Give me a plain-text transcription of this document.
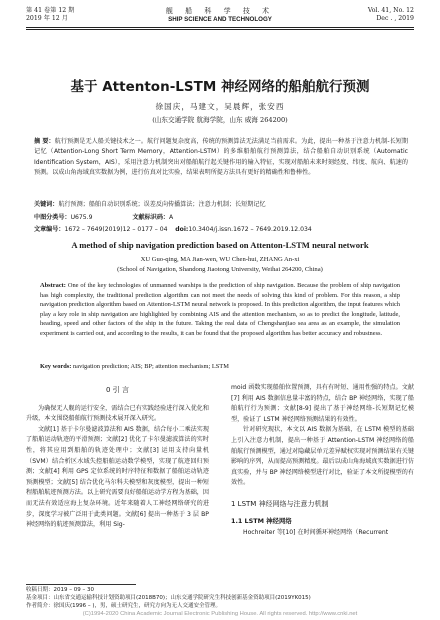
第 41 卷第 12 期
2019 年 12 月
舰 船 科 学 技 术
SHIP SCIENCE AND TECHNOLOGY
Vol. 41, No. 12
Dec . , 2019
基于 Attenton-LSTM 神经网络的船舶航行预测
徐国庆，马建文，吴晨辉，张安西
(山东交通学院 航海学院，山东 威海 264200)
摘 要：航行预测是无人船关键技术之一。航行问题复杂度高，传统的预测算法无法满足当前需求。为此，提出一种基于注意力机制-长短期记忆（Attention-Long Short Term Memory，Attention-LSTM）的多维船舶航行预测算法，结合船舶自动识别系统（Automatic Identification System，AIS），采用注意力机制突出对船舶航行起关键作用的输入特征，实现对船舶未来时刻经度、纬度、航向、航速的预测。以成山角海域真实数据为例，进行仿真对比实验，结果表明所提方法具有更好的精确性和鲁棒性。
关键词：航行预测；船舶自动识别系统；误差反向传播算法；注意力机制；长短期记忆
中图分类号：U675.9	文献标识码：A
文章编号：1672 – 7649(2019)12 – 0177 – 04 doi:10.3404/j.issn.1672 – 7649.2019.12.034
A method of ship navigation prediction based on Attenton-LSTM neural network
XU Guo-qing, MA Jian-wen, WU Chen-hui, ZHANG An-xi
(School of Navigation, Shandong Jiaotong University, Weihai 264200, China)
Abstract: One of the key technologies of unmanned warships is the prediction of ship navigation. Because the problem of ship navigation has high complexity, the traditional prediction algorithm can not meet the needs of solving this kind of problem. For this reason, a ship navigation prediction algorithm based on Attention-LSTM neural network is proposed. In this prediction algorithm, the input features which play a key role in ship navigation are highlighted by combining AIS and the attention mechanism, so as to predict the longitude, latitude, heading, speed and other factors of the ship in the future. Taking the real data of Chengshanjiao sea area as an example, the simulation experiment is carried out, and according to the results, it can be found that the proposed algorithm has better accuracy and robustness.
Key words: navigation prediction; AIS; BP; attention mechanism; LSTM
0 引 言

为确保无人舰的运行安全，需结合已有实践经验进行深入优化和升级，本文围绕船舶航行预测技术展开深入研究。

文献[1] 基于卡尔曼滤波算法和 AIS 数据，结合每小二乘法实现了船舶运动轨迹的平滑预测；文献[2] 优化了卡尔曼滤波算法的实时性，将其应用到船舶的轨迹处理中；文献[3] 运用支持向量机（SVM）结合析区水域失控船舶运动数学模型，实现了航迹回归预测；文献[4] 利用 GPS 定位系统的时序特征和数据了船舶运动轨迹预测模型；文献[5] 结合优化马尔科夫模型和灰度模型，提出一种短程船舶航迹预测方法。以上研究需要良好船舶运动学方程为基础，因而无法有效适应海上复杂环境。近年来随着人工神经网络研究的进步，深度学习被广泛用于此类问题。文献[6] 提出一种基于 3 层 BP 神经网络的航迹预测算法，利用 Sig-

moid 函数实现船舶位置预测，具有有时短、通用性强的特点。文献[7] 利用 AIS 数据信息量丰富的特点，结合 BP 神经网络，实现了船舶航行行为预测；文献[8-9] 提出了基于神经网络-长短期记忆模型，验证了 LSTM 神经网络预测结果的有效性。

针对研究现状，本文以 AIS 数据为基础，在 LSTM 模型的基础上引入注意力机制，提出一种基于 Attention-LSTM 神经网络的船舶航行预测模型，通过对隐藏层单元差异赋权实现对预测结果有关键影响的序列，从而提高预测精度。最后以成山角海域真实数据进行仿真实验，并与 BP 神经网络模型进行对比，验证了本文所提模型的有效性。

1 LSTM 神经网络与注意力机制
1.1 LSTM 神经网络

Hochreiter 等[10] 在时间循环神经网络（Recurrent

收稿日期：2019 – 09 – 30
基金项目：山东省交通运输科技计划资助项目(2018B70)；山东交通学院研究生科技创新基金资助项目(2019YK015)
作者简介：徐国庆(1996 – )，男，硕士研究生，研究方向为无人交通安全管理。
(C)1994-2020 China Academic Journal Electronic Publishing House. All rights reserved. http://www.cnki.net
